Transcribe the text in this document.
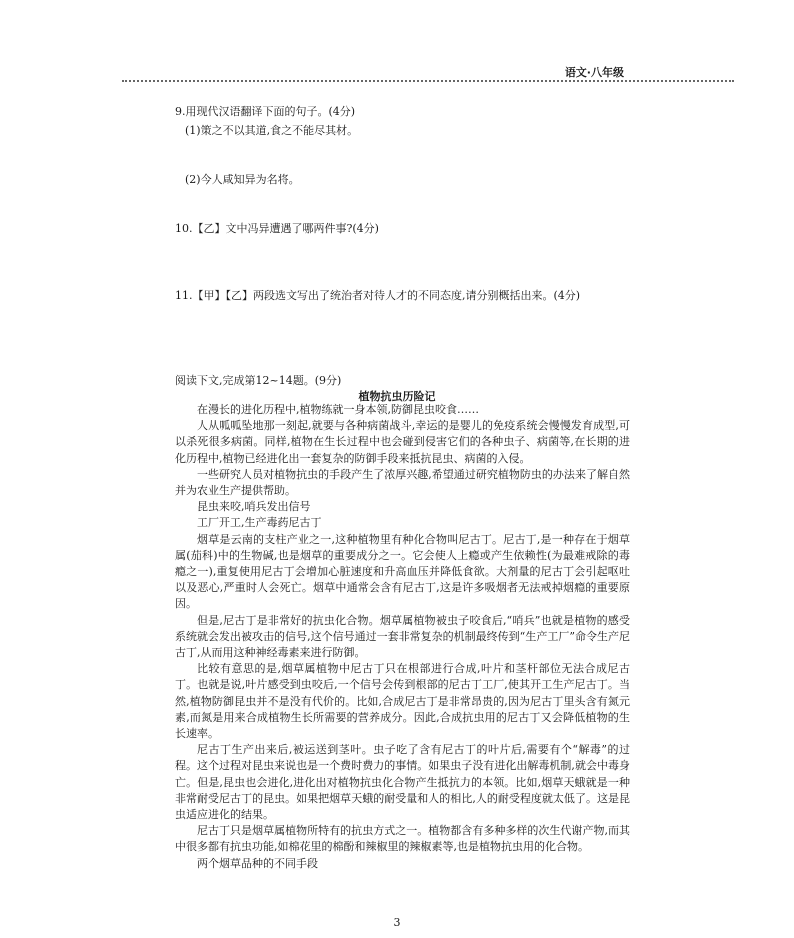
语文·八年级
9.用现代汉语翻译下面的句子。(4分)
(1)策之不以其道,食之不能尽其材。
(2)今人咸知异为名将。
10.【乙】文中冯异遭遇了哪两件事?(4分)
11.【甲】【乙】两段选文写出了统治者对待人才的不同态度,请分别概括出来。(4分)
阅读下文,完成第12~14题。(9分)
植物抗虫历险记

在漫长的进化历程中,植物练就一身本领,防御昆虫咬食……

人从呱呱坠地那一刻起,就要与各种病菌战斗,幸运的是婴儿的免疫系统会慢慢发育成型,可以杀死很多病菌。同样,植物在生长过程中也会碰到侵害它们的各种虫子、病菌等,在长期的进化历程中,植物已经进化出一套复杂的防御手段来抵抗昆虫、病菌的入侵。

一些研究人员对植物抗虫的手段产生了浓厚兴趣,希望通过研究植物防虫的办法来了解自然并为农业生产提供帮助。

昆虫来咬,哨兵发出信号

工厂开工,生产毒药尼古丁

烟草是云南的支柱产业之一,这种植物里有种化合物叫尼古丁。尼古丁,是一种存在于烟草属(茄科)中的生物碱,也是烟草的重要成分之一。它会使人上瘾或产生依赖性(为最难戒除的毒瘾之一),重复使用尼古丁会增加心脏速度和升高血压并降低食欲。大剂量的尼古丁会引起呕吐以及恶心,严重时人会死亡。烟草中通常会含有尼古丁,这是许多吸烟者无法戒掉烟瘾的重要原因。

但是,尼古丁是非常好的抗虫化合物。烟草属植物被虫子咬食后,“哨兵”也就是植物的感受系统就会发出被攻击的信号,这个信号通过一套非常复杂的机制最终传到“生产工厂”命令生产尼古丁,从而用这种神经毒素来进行防御。

比较有意思的是,烟草属植物中尼古丁只在根部进行合成,叶片和茎杆部位无法合成尼古丁。也就是说,叶片感受到虫咬后,一个信号会传到根部的尼古丁工厂,使其开工生产尼古丁。当然,植物防御昆虫并不是没有代价的。比如,合成尼古丁是非常昂贵的,因为尼古丁里头含有氮元素,而氮是用来合成植物生长所需要的营养成分。因此,合成抗虫用的尼古丁又会降低植物的生长速率。

尼古丁生产出来后,被运送到茎叶。虫子吃了含有尼古丁的叶片后,需要有个“解毒”的过程。这个过程对昆虫来说也是一个费时费力的事情。如果虫子没有进化出解毒机制,就会中毒身亡。但是,昆虫也会进化,进化出对植物抗虫化合物产生抵抗力的本领。比如,烟草天蛾就是一种非常耐受尼古丁的昆虫。如果把烟草天蛾的耐受量和人的相比,人的耐受程度就太低了。这是昆虫适应进化的结果。

尼古丁只是烟草属植物所特有的抗虫方式之一。植物都含有多种多样的次生代谢产物,而其中很多都有抗虫功能,如棉花里的棉酚和辣椒里的辣椒素等,也是植物抗虫用的化合物。

两个烟草品种的不同手段

3
